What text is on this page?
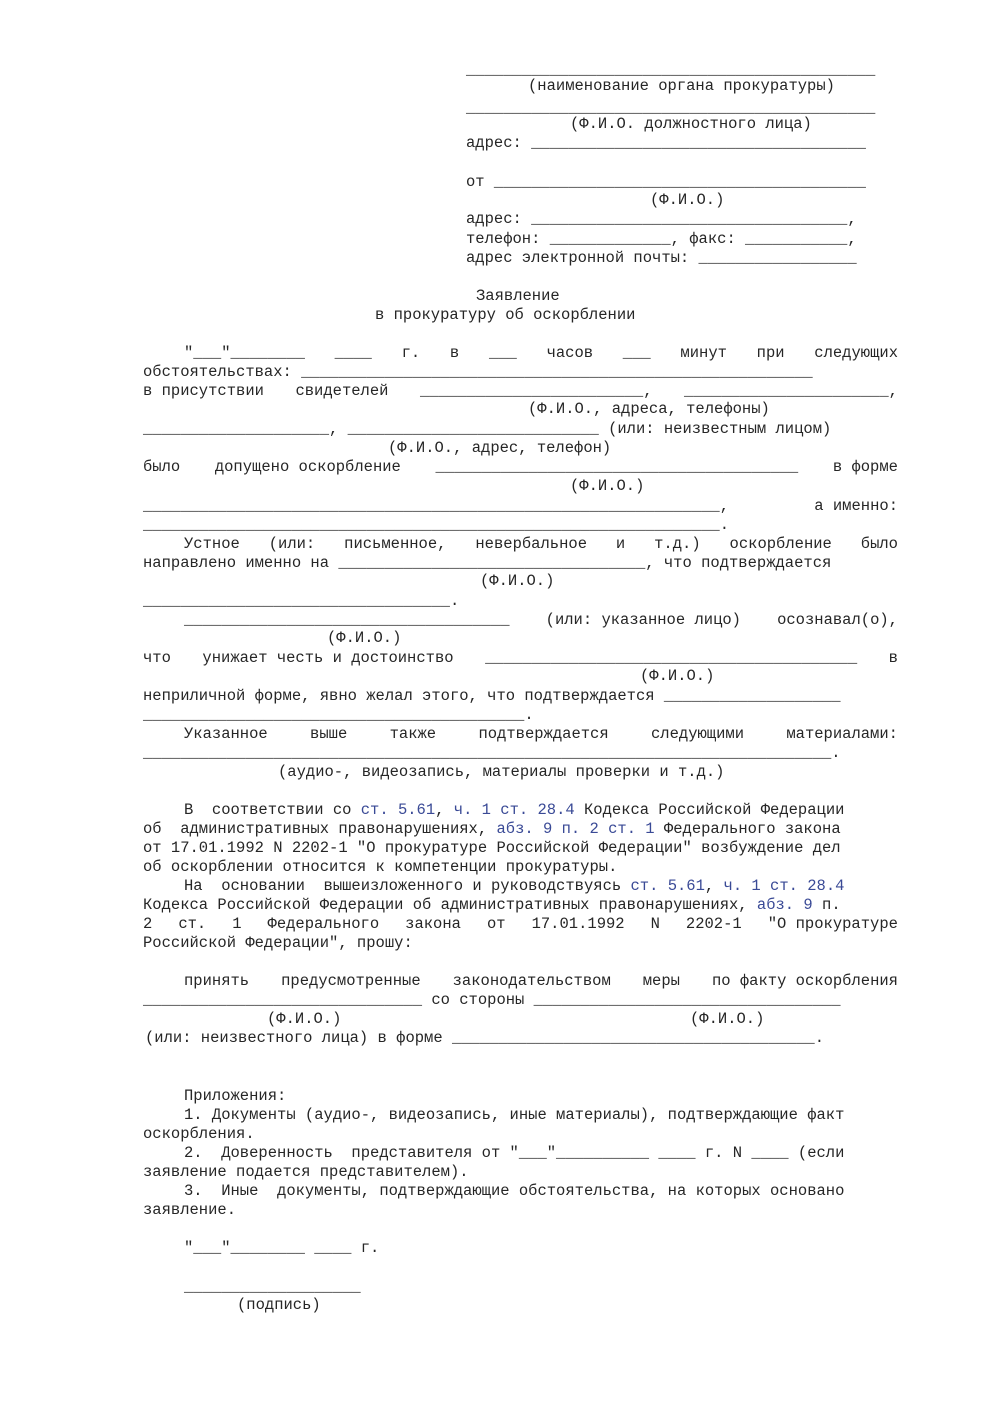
____________________________________________
(наименование органа прокуратуры)
____________________________________________
(Ф.И.О. должностного лица)
адрес: ____________________________________
от ________________________________________
(Ф.И.О.)
адрес: __________________________________,
телефон: _____________, факс: ___________,
адрес электронной почты: _________________
Заявление
в прокуратуру об оскорблении
"___"________ ____ г. в ___ часов ___ минут при следующих
обстоятельствах: _______________________________________________________
в присутствии свидетелей ________________________, ______________________,
(Ф.И.О., адреса, телефоны)
____________________, ___________________________ (или: неизвестным лицом)
(Ф.И.О., адрес, телефон)
было допущено оскорбление _______________________________________ в форме
(Ф.И.О.)
______________________________________________________________,	а именно:
______________________________________________________________.
Устное (или: письменное, невербальное и т.д.) оскорбление было
направлено именно на _________________________________, что подтверждается
(Ф.И.О.)
_________________________________.
___________________________________ (или: указанное лицо) осознавал(о),
(Ф.И.О.)
что унижает честь и достоинство ________________________________________ в
(Ф.И.О.)
неприличной форме, явно желал этого, что подтверждается ___________________
_________________________________________.
Указанное	выше	также	подтверждается	следующими	материалами:
__________________________________________________________________________.
(аудио-, видеозапись, материалы проверки и т.д.)
В  соответствии со ст. 5.61, ч. 1 ст. 28.4 Кодекса Российской Федерации
об  административных правонарушениях, абз. 9 п. 2 ст. 1 Федерального закона
от 17.01.1992 N 2202-1 "О прокуратуре Российской Федерации" возбуждение дел
об оскорблении относится к компетенции прокуратуры.
На  основании  вышеизложенного и руководствуясь ст. 5.61, ч. 1 ст. 28.4
Кодекса Российской Федерации об административных правонарушениях, абз. 9 п.
2 ст. 1 Федерального закона от 17.01.1992 N 2202-1 "О прокуратуре
Российской Федерации", прошу:
принять предусмотренные законодательством меры по факту оскорбления
______________________________ со стороны _________________________________
(Ф.И.О.)	(Ф.И.О.)
(или: неизвестного лица) в форме _______________________________________.
Приложения:
1. Документы (аудио-, видеозапись, иные материалы), подтверждающие факт
оскорбления.
2.  Доверенность  представителя от "___"__________ ____ г. N ____ (если
заявление подается представителем).
3.  Иные  документы, подтверждающие обстоятельства, на которых основано
заявление.
"___"________ ____ г.
___________________
(подпись)
